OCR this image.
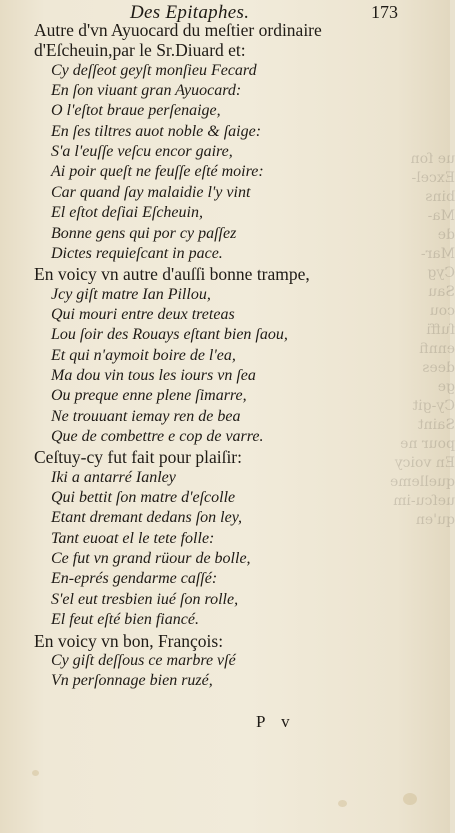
ue ſon
Excel-
bins
Ma-
de
Mar-
Cyg
Sau
cou
ſuffi
ennfi
dees
ge
Cy-git
Saint
pour ne
En voicy
quelleme
ueſcu-im
qu'en
Des Epitaphes.	173
Autre d'vn Ayuocard du meſtier ordinaire
d'Eſcheuin,par le Sr.Diuard et:
Cy deſſeot geyſt monſieu Fecard
En ſon viuant gran Ayuocard:
O l'eſtot braue perſenaige,
En ſes tiltres auot noble & ſaige:
S'a l'euſſe veſcu encor gaire,
Ai poir queſt ne feuſſe eſté moire:
Car quand ſay malaidie l'y vint
El eſtot deſiai Eſcheuin,
Bonne gens qui por cy paſſez
Dictes requieſcant in pace.
En voicy vn autre d'auſſi bonne trampe,
Jcy giſt matre Ian Pillou,
Qui mouri entre deux treteas
Lou ſoir des Rouays eſtant bien ſaou,
Et qui n'aymoit boire de l'ea,
Ma dou vin tous les iours vn ſea
Ou preque enne plene ſimarre,
Ne trouuant iemay ren de bea
Que de combettre e cop de varre.
Ceſtuy-cy fut fait pour plaiſir:
Iki a antarré Ianley
Qui bettit ſon matre d'eſcolle
Etant dremant dedans ſon ley,
Tant euoat el le tete folle:
Ce fut vn grand rüour de bolle,
En-eprés gendarme caſſé:
S'el eut tresbien iué ſon rolle,
El feut eſté bien fiancé.
En voicy vn bon, François:
Cy giſt deſſous ce marbre vſé
Vn perſonnage bien ruzé,
P v
